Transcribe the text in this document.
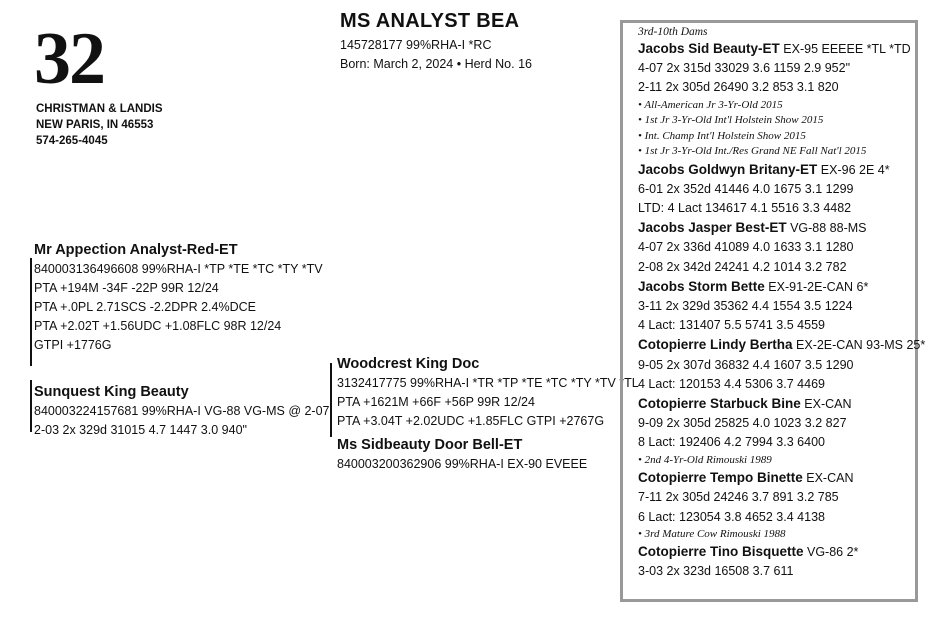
32
CHRISTMAN & LANDIS
NEW PARIS, IN 46553
574-265-4045
MS ANALYST BEA
145728177 99%RHA-I *RC
Born: March 2, 2024 • Herd No. 16
Mr Appection Analyst-Red-ET
840003136496608 99%RHA-I *TP *TE *TC *TY *TV
PTA +194M -34F -22P 99R 12/24
PTA +.0PL 2.71SCS -2.2DPR 2.4%DCE
PTA +2.02T +1.56UDC +1.08FLC 98R 12/24
GTPI +1776G
Sunquest King Beauty
840003224157681 99%RHA-I VG-88 VG-MS @ 2-07
2-03 2x 329d 31015 4.7 1447 3.0 940"
Woodcrest King Doc
3132417775 99%RHA-I *TR *TP *TE *TC *TY *TV *TL
PTA +1621M +66F +56P 99R 12/24
PTA +3.04T +2.02UDC +1.85FLC GTPI +2767G
Ms Sidbeauty Door Bell-ET
840003200362906 99%RHA-I EX-90 EVEEE
3rd-10th Dams
Jacobs Sid Beauty-ET EX-95 EEEEE *TL *TD
4-07 2x 315d 33029 3.6 1159 2.9 952"
2-11 2x 305d 26490 3.2 853 3.1 820
• All-American Jr 3-Yr-Old 2015
• 1st Jr 3-Yr-Old Int'l Holstein Show 2015
• Int. Champ Int'l Holstein Show 2015
• 1st Jr 3-Yr-Old Int./Res Grand NE Fall Nat'l 2015
Jacobs Goldwyn Britany-ET EX-96 2E 4*
6-01 2x 352d 41446 4.0 1675 3.1 1299
LTD: 4 Lact 134617 4.1 5516 3.3 4482
Jacobs Jasper Best-ET VG-88 88-MS
4-07 2x 336d 41089 4.0 1633 3.1 1280
2-08 2x 342d 24241 4.2 1014 3.2 782
Jacobs Storm Bette EX-91-2E-CAN 6*
3-11 2x 329d 35362 4.4 1554 3.5 1224
4 Lact: 131407 5.5 5741 3.5 4559
Cotopierre Lindy Bertha EX-2E-CAN 93-MS 25*
9-05 2x 307d 36832 4.4 1607 3.5 1290
4 Lact: 120153 4.4 5306 3.7 4469
Cotopierre Starbuck Bine EX-CAN
9-09 2x 305d 25825 4.0 1023 3.2 827
8 Lact: 192406 4.2 7994 3.3 6400
• 2nd 4-Yr-Old Rimouski 1989
Cotopierre Tempo Binette EX-CAN
7-11 2x 305d 24246 3.7 891 3.2 785
6 Lact: 123054 3.8 4652 3.4 4138
• 3rd Mature Cow Rimouski 1988
Cotopierre Tino Bisquette VG-86 2*
3-03 2x 323d 16508 3.7 611
